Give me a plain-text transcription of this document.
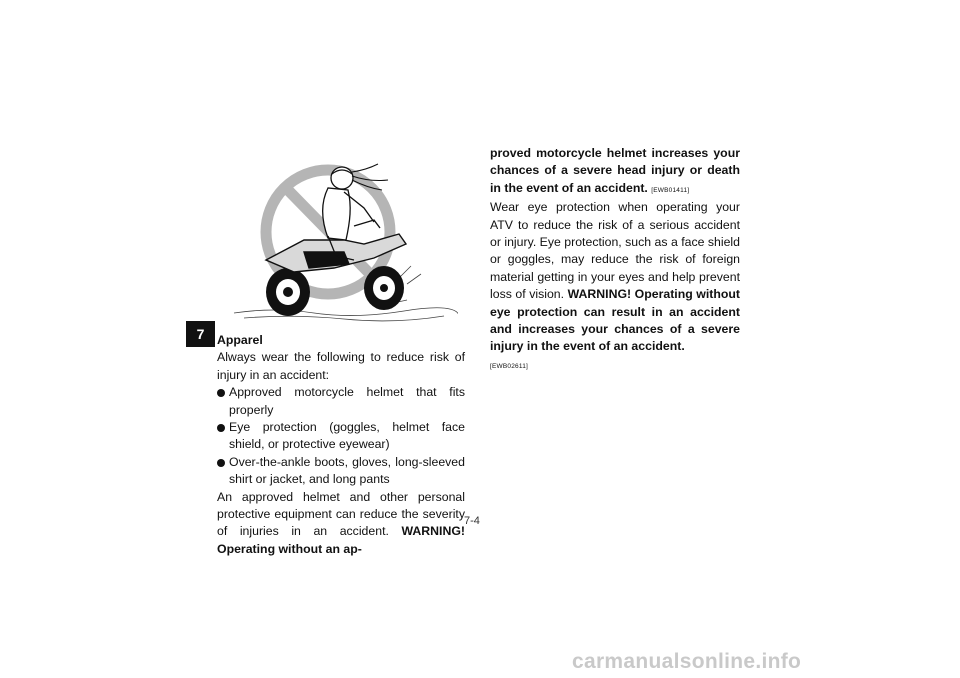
7	Apparel

Always wear the following to reduce risk of injury in an accident:

Approved motorcycle helmet that fits properly
Eye protection (goggles, helmet face shield, or protective eyewear)
Over-the-ankle boots, gloves, long-sleeved shirt or jacket, and long pants

An approved helmet and other personal protective equipment can reduce the severity of injuries in an accident. WARNING! Operating without an ap-

proved motorcycle helmet increases your chances of a severe head injury or death in the event of an accident. [EWB01411]

Wear eye protection when operating your ATV to reduce the risk of a serious accident or injury. Eye protection, such as a face shield or goggles, may reduce the risk of foreign material getting in your eyes and help prevent loss of vision. WARNING! Operating without eye protection can result in an accident and increases your chances of a severe injury in the event of an accident.

[EWB02611]

7-4
carmanualsonline.info
